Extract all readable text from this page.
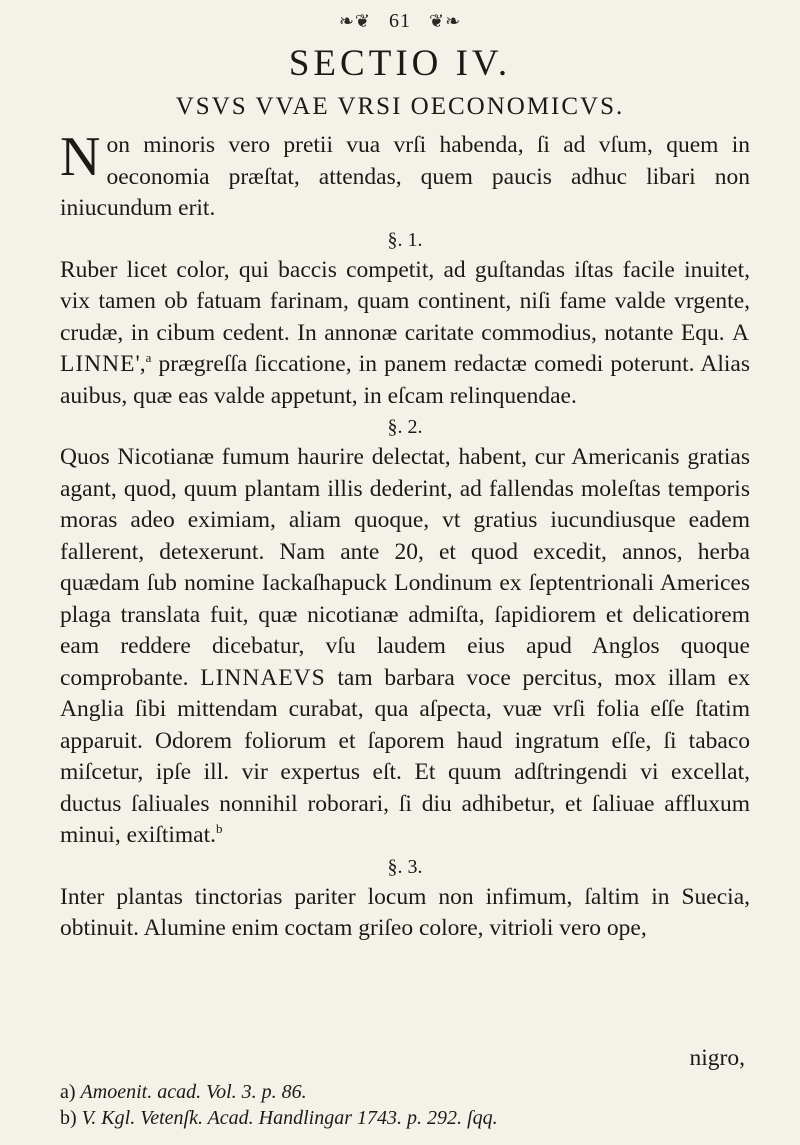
❧❦ 61 ❦❧
SECTIO IV.
VSVS VVAE VRSI OECONOMICVS.

Non minoris vero pretii vua vrſi habenda, ſi ad vſum, quem in oeconomia præſtat, attendas, quem paucis adhuc libari non iniucundum erit.

§. 1.

Ruber licet color, qui baccis competit, ad guſtandas iſtas facile inuitet, vix tamen ob fatuam farinam, quam continent, niſi fame valde vrgente, crudæ, in cibum cedent. In annonæ caritate commodius, notante Equ. A LINNE',$^a$ prægreſſa ſiccatione, in panem redactæ comedi poterunt. Alias auibus, quæ eas valde appetunt, in eſcam relinquendae.

§. 2.

Quos Nicotianæ fumum haurire delectat, habent, cur Americanis gratias agant, quod, quum plantam illis dederint, ad fallendas moleſtas temporis moras adeo eximiam, aliam quoque, vt gratius iucundiusque eadem fallerent, detexerunt. Nam ante 20, et quod excedit, annos, herba quædam ſub nomine Iackaſhapuck Londinum ex ſeptentrionali Americes plaga translata fuit, quæ nicotianæ admiſta, ſapidiorem et delicatiorem eam reddere dicebatur, vſu laudem eius apud Anglos quoque comprobante. LINNAEVS tam barbara voce percitus, mox illam ex Anglia ſibi mittendam curabat, qua aſpecta, vuæ vrſi folia eſſe ſtatim apparuit. Odorem foliorum et ſaporem haud ingratum eſſe, ſi tabaco miſcetur, ipſe ill. vir expertus eſt. Et quum adſtringendi vi excellat, ductus ſaliuales nonnihil roborari, ſi diu adhibetur, et ſaliuae affluxum minui, exiſtimat.$^b$

§. 3.

Inter plantas tinctorias pariter locum non infimum, ſaltim in Suecia, obtinuit. Alumine enim coctam griſeo colore, vitrioli vero ope,

nigro,
a) Amoenit. acad. Vol. 3. p. 86.
b) V. Kgl. Vetenſk. Acad. Handlingar 1743. p. 292. ſqq.
